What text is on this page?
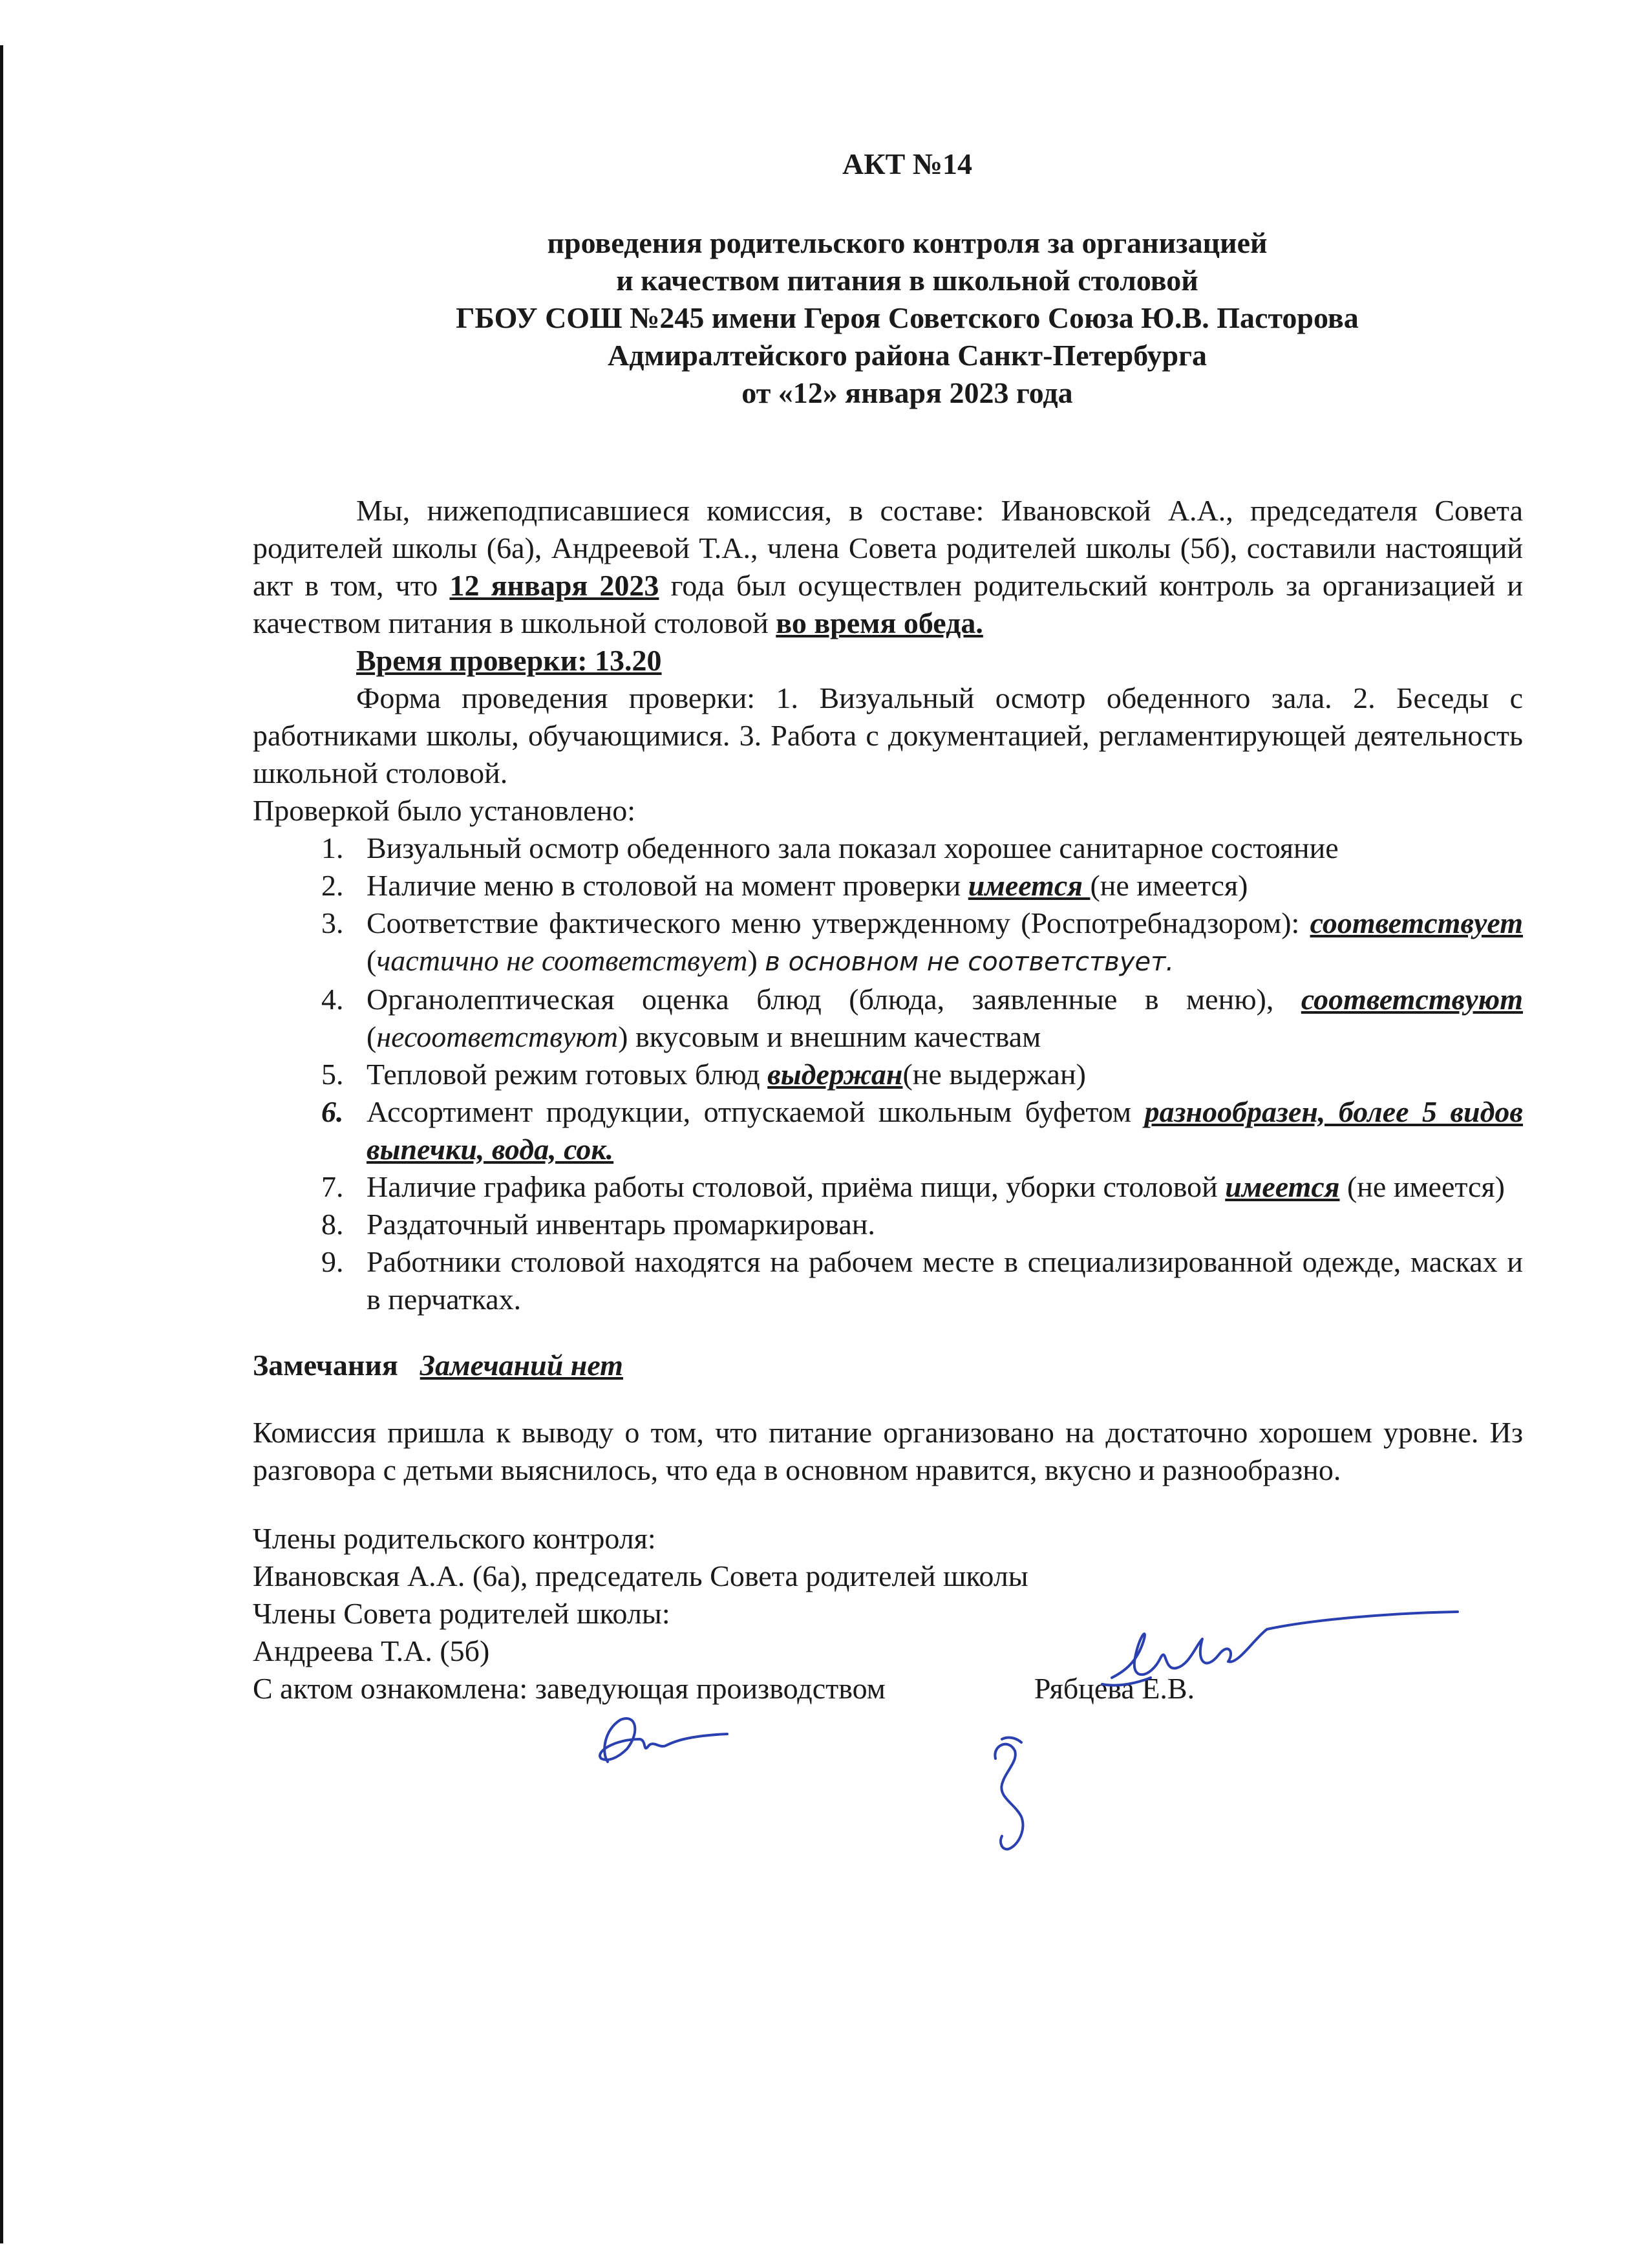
АКТ №14
проведения родительского контроля за организацией
и качеством питания в школьной столовой
ГБОУ СОШ №245 имени Героя Советского Союза Ю.В. Пасторова
Адмиралтейского района Санкт-Петербурга
от «12» января 2023 года

Мы, нижеподписавшиеся комиссия, в составе: Ивановской А.А., председателя Совета родителей школы (6а), Андреевой Т.А., члена Совета родителей школы (5б), составили настоящий акт в том, что 12 января 2023 года был осуществлен родительский контроль за организацией и качеством питания в школьной столовой во время обеда.

Время проверки: 13.20

Форма проведения проверки: 1. Визуальный осмотр обеденного зала. 2. Беседы с работниками школы, обучающимися. 3. Работа с документацией, регламентирующей деятельность школьной столовой.

Проверкой было установлено:

1. Визуальный осмотр обеденного зала показал хорошее санитарное состояние
2. Наличие меню в столовой на момент проверки имеется (не имеется)
3. Соответствие фактического меню утвержденному (Роспотребнадзором): соответствует (частично не соответствует) в основном не соответствует.
4. Органолептическая оценка блюд (блюда, заявленные в меню), соответствуют (несоответствуют) вкусовым и внешним качествам
5. Тепловой режим готовых блюд выдержан(не выдержан)
6. Ассортимент продукции, отпускаемой школьным буфетом разнообразен, более 5 видов выпечки, вода, сок.
7. Наличие графика работы столовой, приёма пищи, уборки столовой имеется (не имеется)
8. Раздаточный инвентарь промаркирован.
9. Работники столовой находятся на рабочем месте в специализированной одежде, масках и в перчатках.
Замечания Замечаний нет

Комиссия пришла к выводу о том, что питание организовано на достаточно хорошем уровне. Из разговора с детьми выяснилось, что еда в основном нравится, вкусно и разнообразно.

Члены родительского контроля:
Ивановская А.А. (6а), председатель Совета родителей школы
Члены Совета родителей школы:
Андреева Т.А. (5б)
С актом ознакомлена: заведующая производством	Рябцева Е.В.
